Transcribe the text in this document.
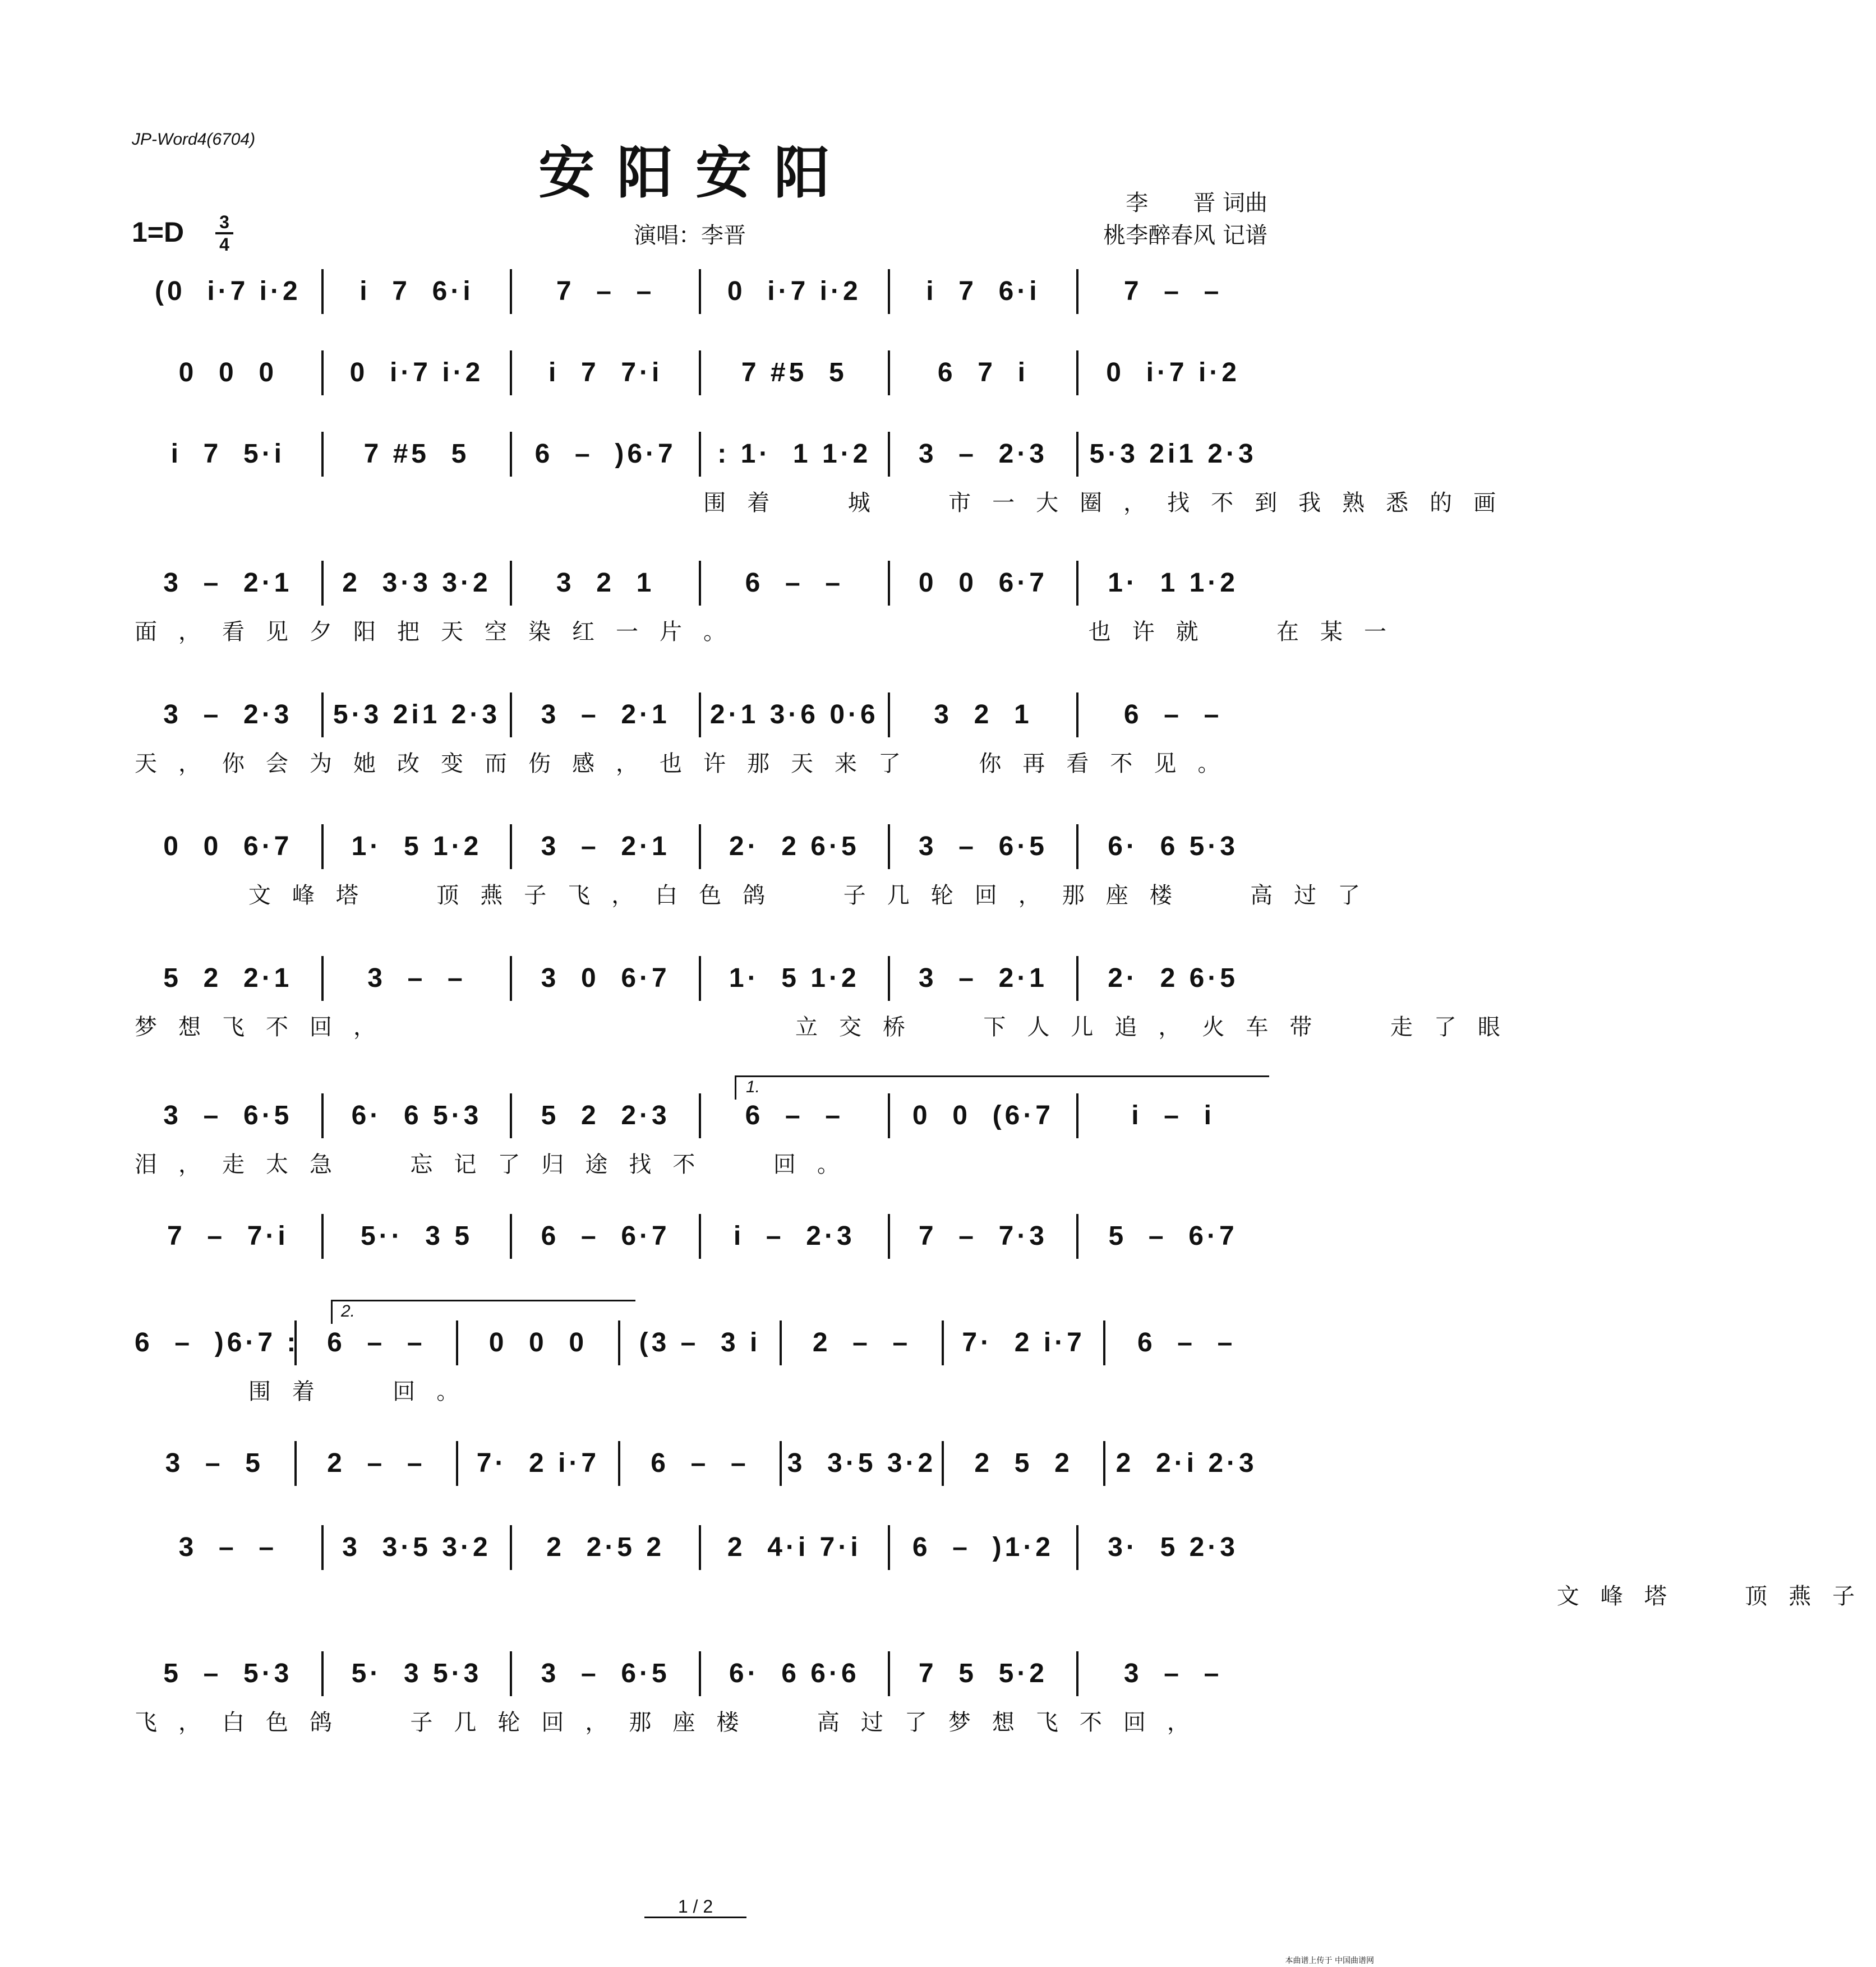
JP-Word4(6704)
安阳安阳
1=D	3
4	演唱：李晋
李　　晋 词曲
桃李醉春风 记谱
(0  i·7 i·2 i  7  6·i	7  –  –	0  i·7 i·2 i  7  6·i	7  –  –
0  0  0	0  i·7 i·2 i  7  7·i	7 #5  5	6  7  i	0  i·7 i·2
i  7  5·i	7 #5  5 6  –  )6·7 : 1·  1 1·2 3  –  2·3 5·3 2i1 2·3
围着  城  市一大圈，找不到我熟悉的画
3  –  2·1 2  3·3 3·2 3  2  1	6  –  –	0  0  6·7 1·  1 1·2
面，看见夕阳把天空染红一片。            也许就  在某一
3  –  2·3 5·3 2i1 2·3 3  –  2·1 2·1 3·6 0·6 3  2  1	6  –  –
天，你会为她改变而伤感，也许那天来了  你再看不见。
0  0  6·7 1·  5 1·2 3  –  2·1 2·  2 6·5 3  –  6·5 6·  6 5·3
文峰塔  顶燕子飞，白色鸽  子几轮回，那座楼  高过了
5  2  2·1	3  –  –	3  0  6·7 1·  5 1·2 3  –  2·1 2·  2 6·5
梦想飞不回，              立交桥  下人儿追，火车带  走了眼
3  –  6·5 6·  6 5·3 5  2  2·3	6  –  –	0  0  (6·7	i  –  i
泪，走太急  忘记了归途找不  回。
7  –  7·i	5··  3 5	6  –  6·7 i  –  2·3 7  –  7·3 5  –  6·7
6  –  )6·7 : 6  –  – 0  0  0 (3 –  3 i 2  –  – 7·  2 i·7 6  –  –
围着  回。
3  –  5 2  –  – 7·  2 i·7 6  –  – 3  3·5 3·2 2  5  2 2  2·i 2·3
3  –  – 3  3·5 3·2 2  2·5 2 2  4·i 7·i 6  –  )1·2 3·  5 2·3
文峰塔  顶燕子
5  –  5·3 5·  3 5·3 3  –  6·5 6·  6 6·6 7  5  5·2	3  –  –
飞，白色鸽  子几轮回，那座楼  高过了梦想飞不回，
1.
2.
1 / 2
本曲谱上传于 中国曲谱网
